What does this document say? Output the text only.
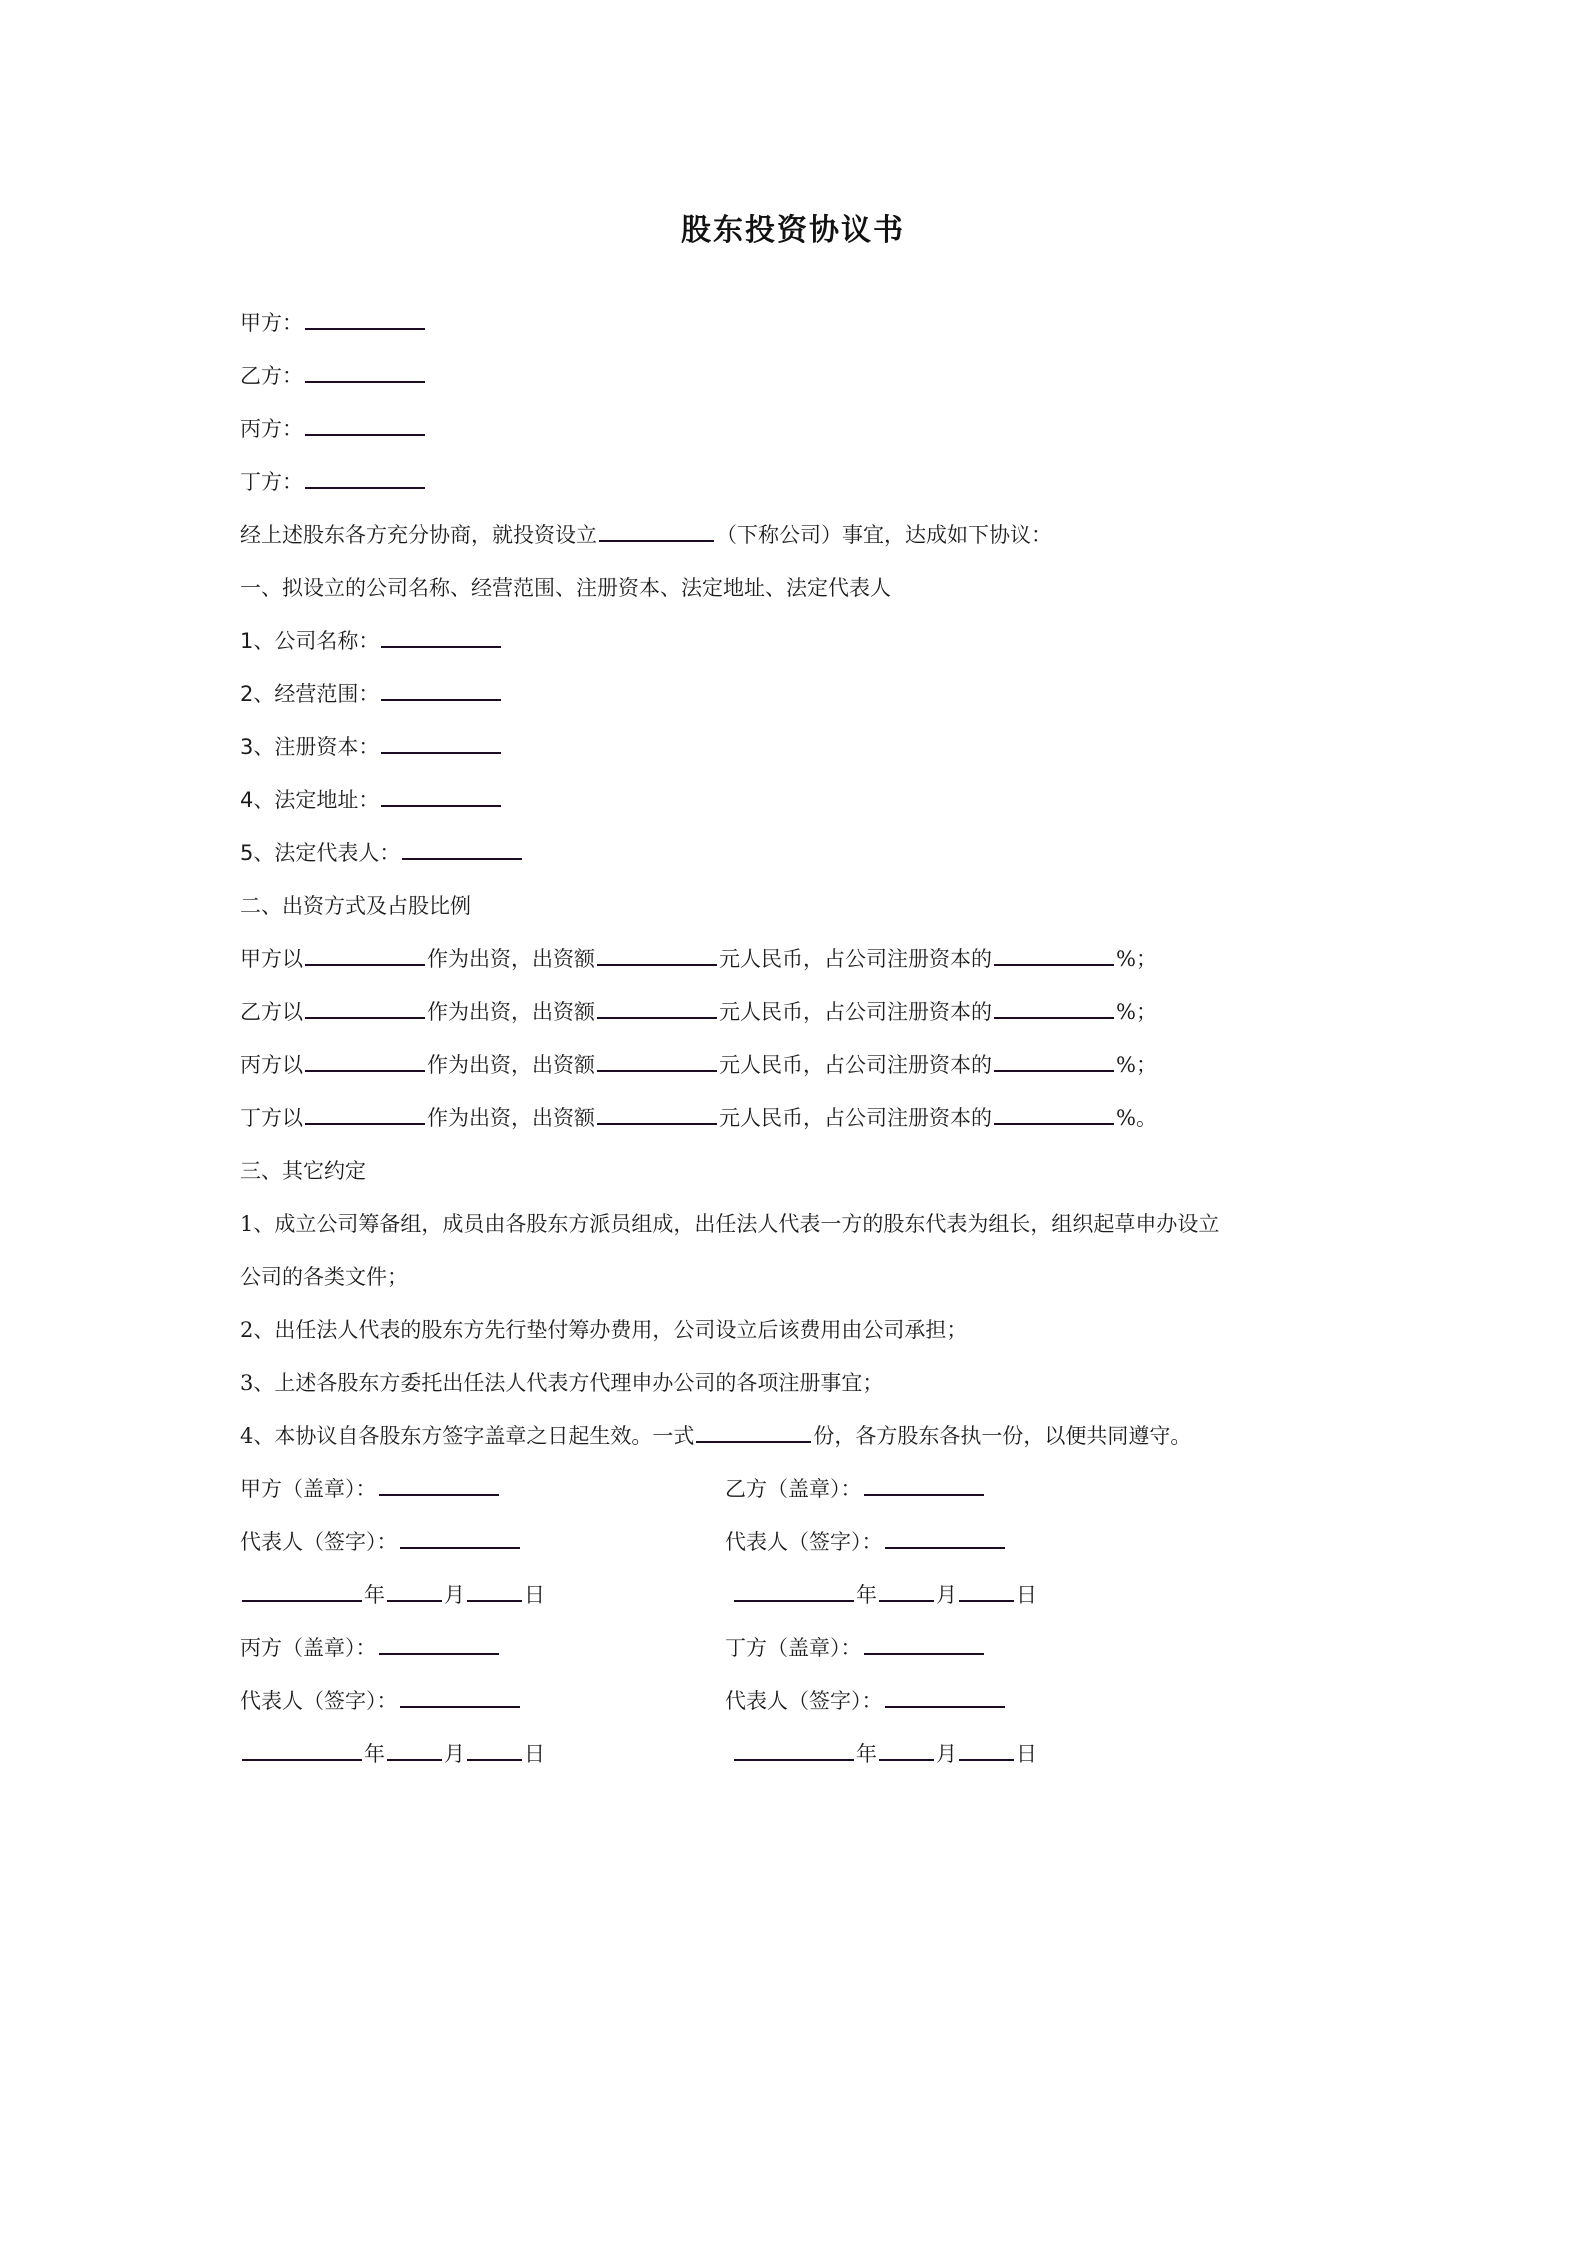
股东投资协议书
甲方：
乙方：
丙方：
丁方：
经上述股东各方充分协商，就投资设立	（下称公司）事宜，达成如下协议：
一、拟设立的公司名称、经营范围、注册资本、法定地址、法定代表人
1、公司名称：
2、经营范围：
3、注册资本：
4、法定地址：
5、法定代表人：
二、出资方式及占股比例
甲方以	作为出资，出资额	元人民币，占公司注册资本的	%；
乙方以	作为出资，出资额	元人民币，占公司注册资本的	%；
丙方以	作为出资，出资额	元人民币，占公司注册资本的	%；
丁方以	作为出资，出资额	元人民币，占公司注册资本的	%。
三、其它约定
1、成立公司筹备组，成员由各股东方派员组成，出任法人代表一方的股东代表为组长，组织起草申办设立
公司的各类文件；
2、出任法人代表的股东方先行垫付筹办费用，公司设立后该费用由公司承担；
3、上述各股东方委托出任法人代表方代理申办公司的各项注册事宜；
4、本协议自各股东方签字盖章之日起生效。一式	份，各方股东各执一份，以便共同遵守。
甲方（盖章）：	乙方（盖章）：
代表人（签字）：	代表人（签字）：
年	月	日	年	月	日
丙方（盖章）：	丁方（盖章）：
代表人（签字）：	代表人（签字）：
年	月	日	年	月	日
